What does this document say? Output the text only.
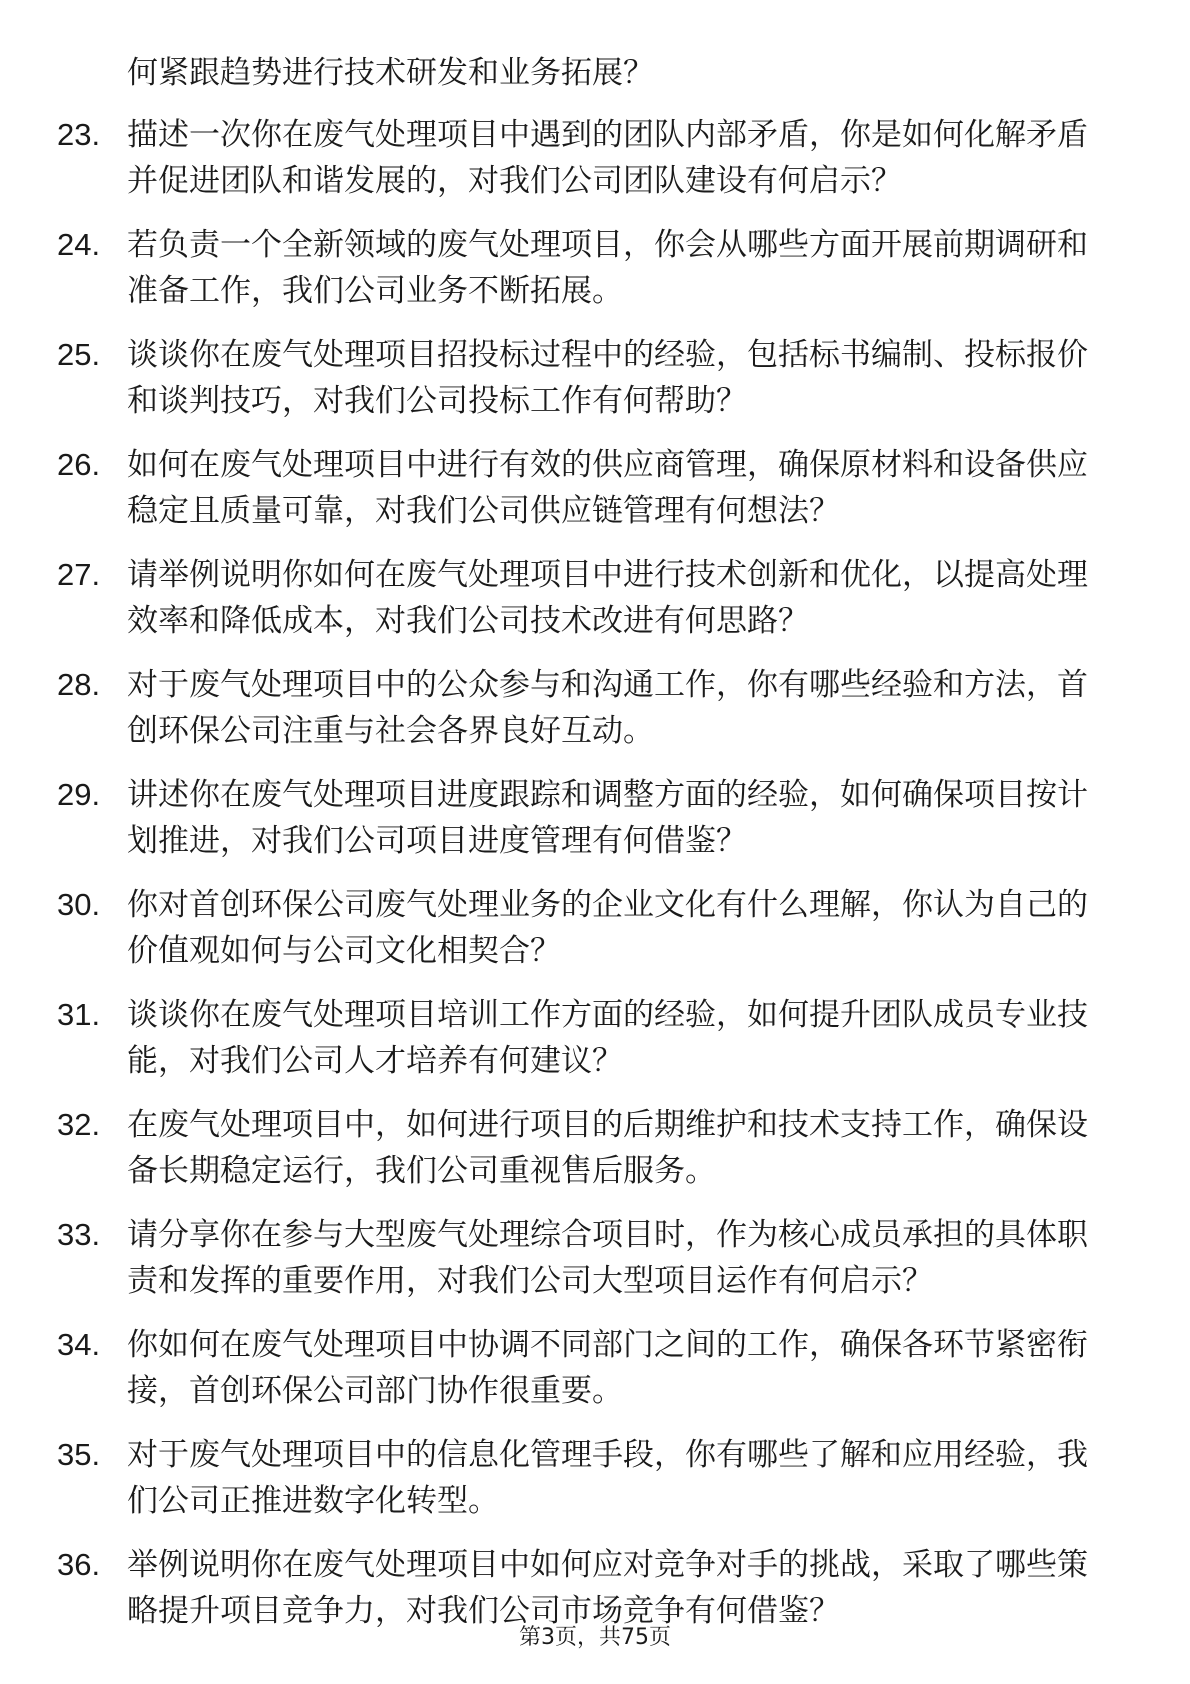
何紧跟趋势进行技术研发和业务拓展？
23. 描述一次你在废气处理项目中遇到的团队内部矛盾，你是如何化解矛盾并促进团队和谐发展的，对我们公司团队建设有何启示？
24. 若负责一个全新领域的废气处理项目，你会从哪些方面开展前期调研和准备工作，我们公司业务不断拓展。
25. 谈谈你在废气处理项目招投标过程中的经验，包括标书编制、投标报价和谈判技巧，对我们公司投标工作有何帮助？
26. 如何在废气处理项目中进行有效的供应商管理，确保原材料和设备供应稳定且质量可靠，对我们公司供应链管理有何想法？
27. 请举例说明你如何在废气处理项目中进行技术创新和优化，以提高处理效率和降低成本，对我们公司技术改进有何思路？
28. 对于废气处理项目中的公众参与和沟通工作，你有哪些经验和方法，首创环保公司注重与社会各界良好互动。
29. 讲述你在废气处理项目进度跟踪和调整方面的经验，如何确保项目按计划推进，对我们公司项目进度管理有何借鉴？
30. 你对首创环保公司废气处理业务的企业文化有什么理解，你认为自己的价值观如何与公司文化相契合？
31. 谈谈你在废气处理项目培训工作方面的经验，如何提升团队成员专业技能，对我们公司人才培养有何建议？
32. 在废气处理项目中，如何进行项目的后期维护和技术支持工作，确保设备长期稳定运行，我们公司重视售后服务。
33. 请分享你在参与大型废气处理综合项目时，作为核心成员承担的具体职责和发挥的重要作用，对我们公司大型项目运作有何启示？
34. 你如何在废气处理项目中协调不同部门之间的工作，确保各环节紧密衔接，首创环保公司部门协作很重要。
35. 对于废气处理项目中的信息化管理手段，你有哪些了解和应用经验，我们公司正推进数字化转型。
36. 举例说明你在废气处理项目中如何应对竞争对手的挑战，采取了哪些策略提升项目竞争力，对我们公司市场竞争有何借鉴？
第3页，共75页
